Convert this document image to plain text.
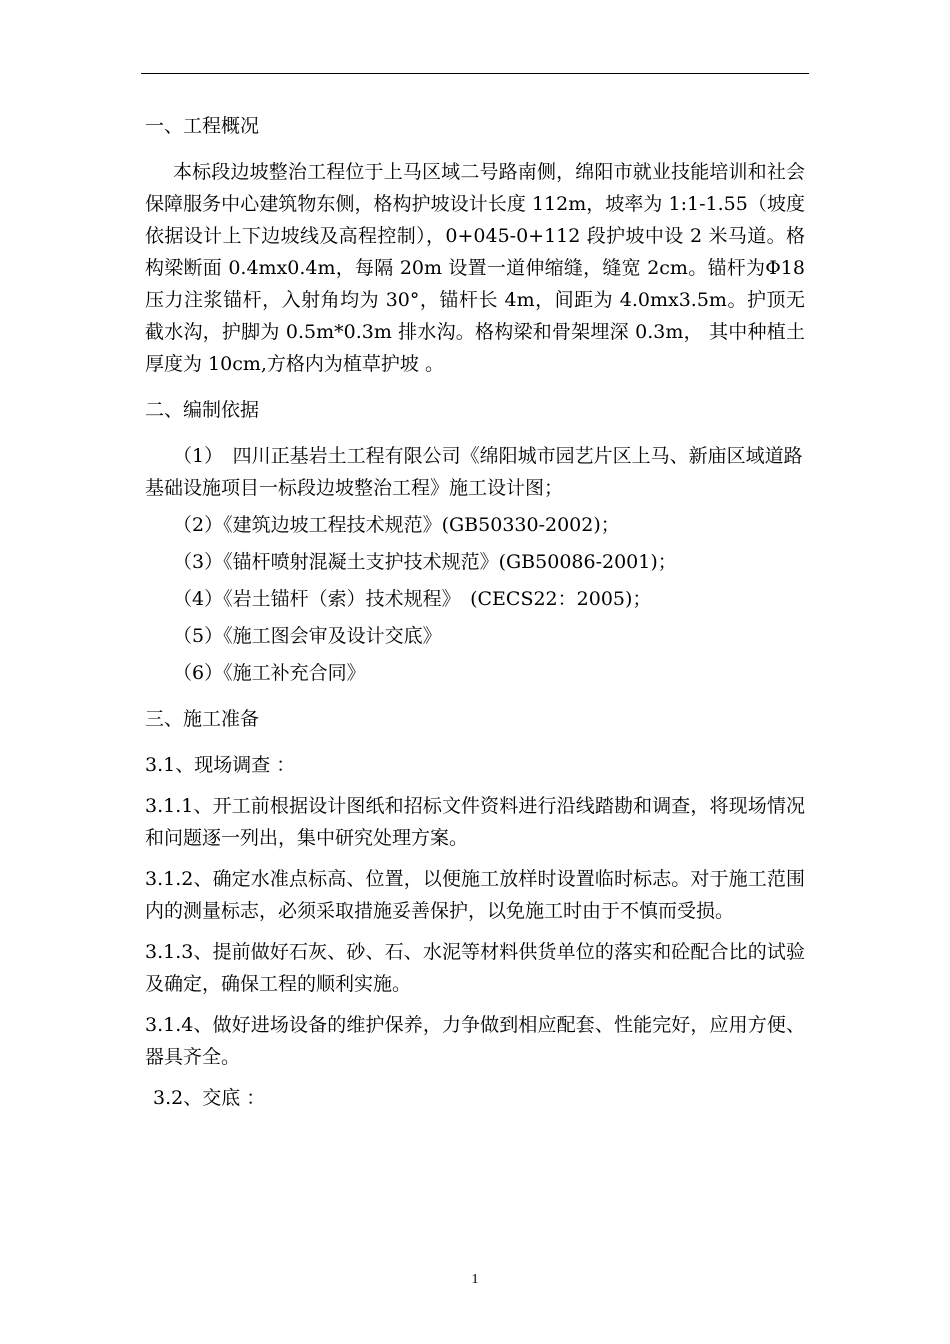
一、工程概况
本标段边坡整治工程位于上马区域二号路南侧，绵阳市就业技能培训和社会保障服务中心建筑物东侧，格构护坡设计长度 112m，坡率为 1:1-1.55（坡度依据设计上下边坡线及高程控制），0+045-0+112 段护坡中设 2 米马道。格构梁断面 0.4mx0.4m，每隔 20m 设置一道伸缩缝，缝宽 2cm。锚杆为Φ18 压力注浆锚杆，入射角均为 30°，锚杆长 4m，间距为 4.0mx3.5m。护顶无截水沟，护脚为 0.5m*0.3m 排水沟。格构梁和骨架埋深 0.3m， 其中种植土厚度为 10cm,方格内为植草护坡 。
二、编制依据
（1）　四川正基岩土工程有限公司《绵阳城市园艺片区上马、新庙区域道路基础设施项目一标段边坡整治工程》施工设计图；
（2）《建筑边坡工程技术规范》(GB50330-2002)；
（3）《锚杆喷射混凝土支护技术规范》(GB50086-2001)；
（4）《岩土锚杆（索）技术规程》　(CECS22：2005)；
（5）《施工图会审及设计交底》
（6）《施工补充合同》
三、施工准备
3.1、现场调查 ：
3.1.1、开工前根据设计图纸和招标文件资料进行沿线踏勘和调查，将现场情况和问题逐一列出，集中研究处理方案。
3.1.2、确定水准点标高、位置，以便施工放样时设置临时标志。对于施工范围内的测量标志，必须采取措施妥善保护，以免施工时由于不慎而受损。
3.1.3、提前做好石灰、砂、石、水泥等材料供货单位的落实和砼配合比的试验及确定，确保工程的顺利实施。
3.1.4、做好进场设备的维护保养，力争做到相应配套、性能完好，应用方便、器具齐全。
3.2、交底 ：
1
